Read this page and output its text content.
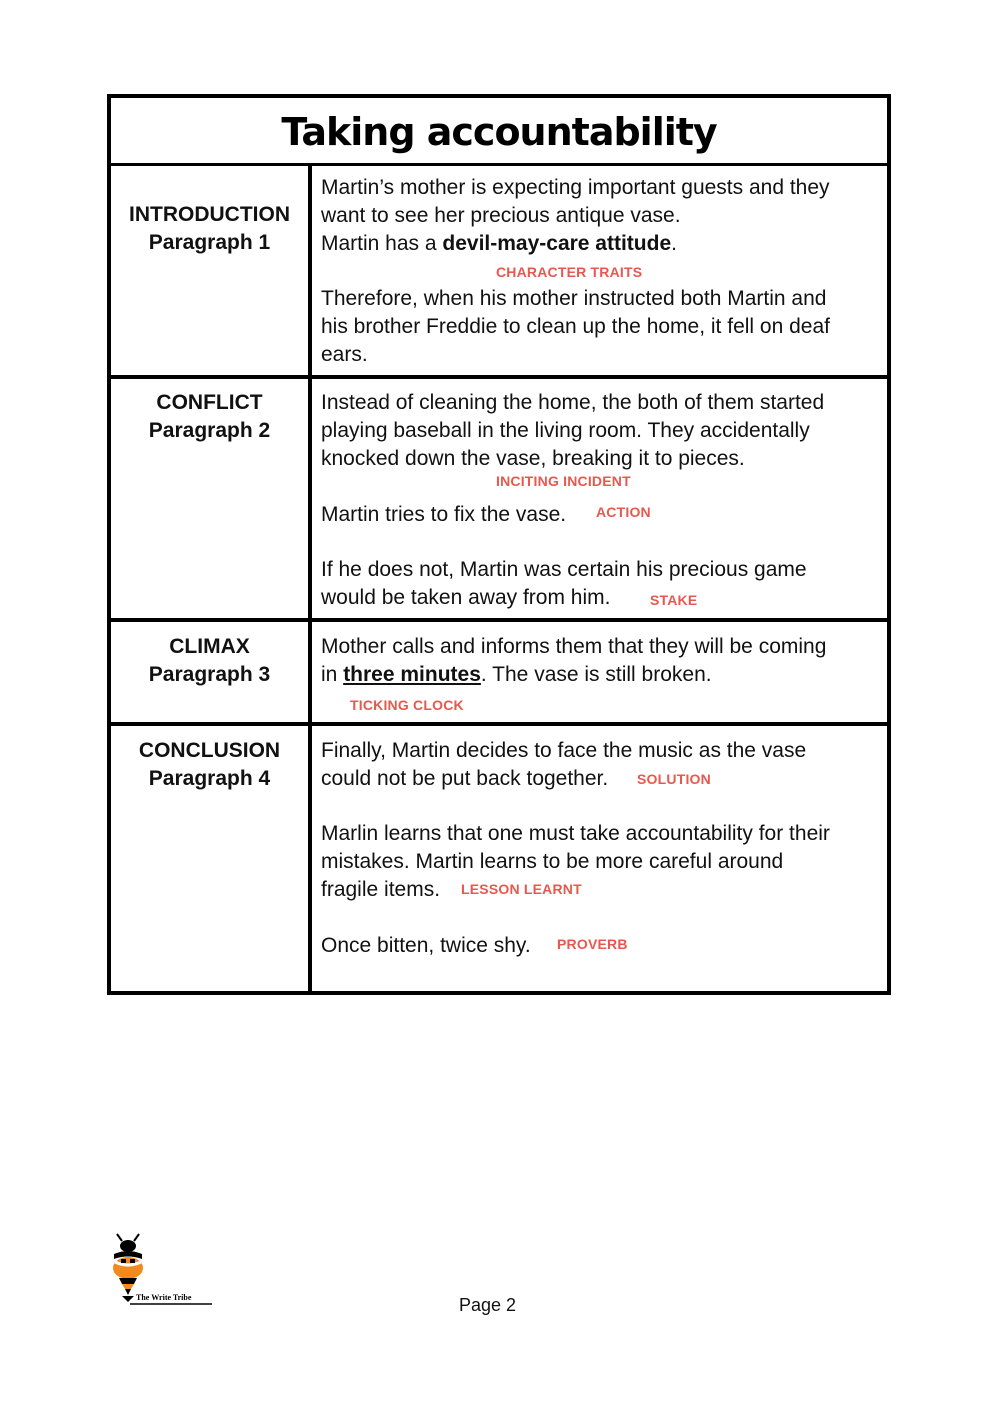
Taking accountability
INTRODUCTION
Paragraph 1
Martin’s mother is expecting important guests and they
want to see her precious antique vase.
Martin has a devil-may-care attitude.
CHARACTER TRAITS
Therefore, when his mother instructed both Martin and
his brother Freddie to clean up the home, it fell on deaf
ears.
CONFLICT
Paragraph 2
Instead of cleaning the home, the both of them started
playing baseball in the living room. They accidentally
knocked down the vase, breaking it to pieces.
INCITING INCIDENT
Martin tries to fix the vase. ACTION
If he does not, Martin was certain his precious game
would be taken away from him.	STAKE
CLIMAX
Paragraph 3
Mother calls and informs them that they will be coming
in three minutes. The vase is still broken.
TICKING CLOCK
CONCLUSION
Paragraph 4
Finally, Martin decides to face the music as the vase
could not be put back together.	SOLUTION
Marlin learns that one must take accountability for their
mistakes. Martin learns to be more careful around
fragile items.	LESSON LEARNT
Once bitten, twice shy. PROVERB
The Write Tribe	Page 2
